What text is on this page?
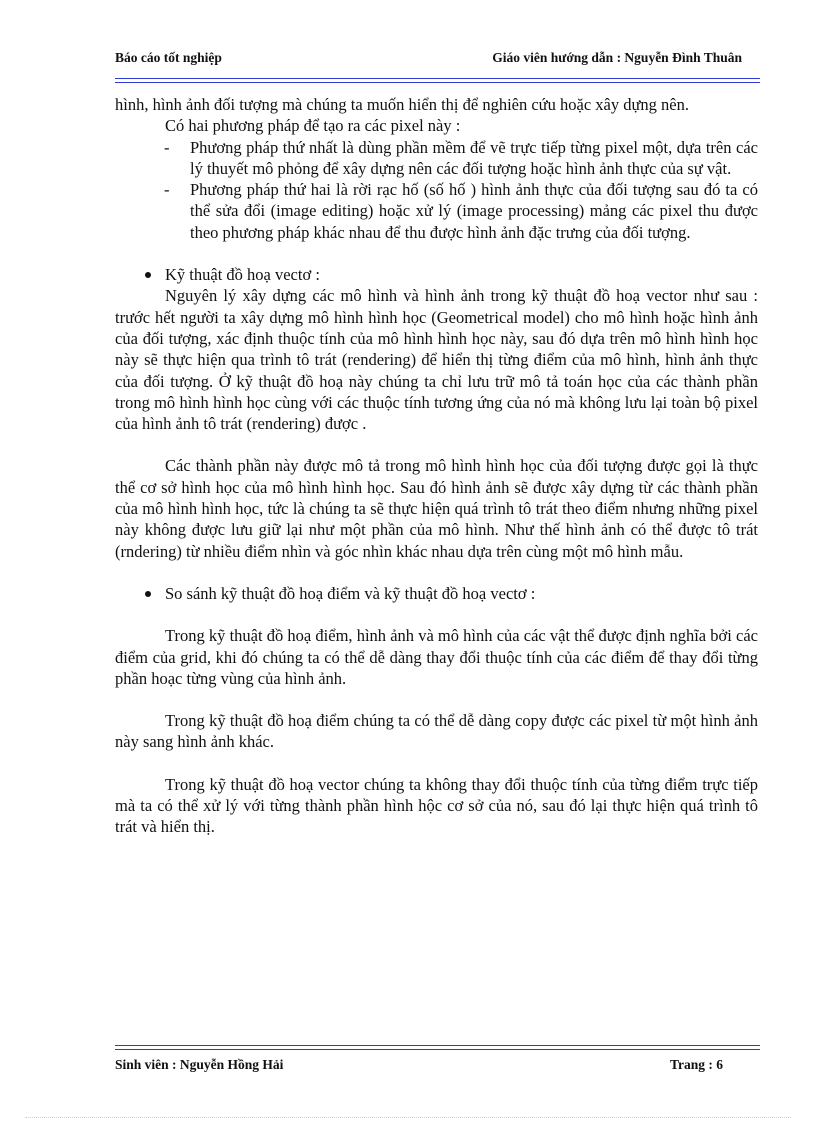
Báo cáo tốt nghiệp	Giáo viên hướng dẫn : Nguyễn Đình Thuân

hình, hình ảnh đối tượng mà chúng ta muốn hiển thị để nghiên cứu hoặc xây dựng nên.

Có hai phương pháp để tạo ra các pixel này :

- Phương pháp thứ nhất là dùng phần mềm để vẽ trực tiếp từng pixel một, dựa trên các lý thuyết mô phỏng để xây dựng nên các đối tượng hoặc hình ảnh thực của sự vật.
- Phương pháp thứ hai là rời rạc hố (số hố ) hình ảnh thực của đối tượng sau đó ta có thể sửa đổi (image editing) hoặc xử lý (image processing) mảng các pixel thu được theo phương pháp khác nhau để thu được hình ảnh đặc trưng của đối tượng.
Kỹ thuật đồ hoạ vectơ :

Nguyên lý xây dựng các mô hình và hình ảnh trong kỹ thuật đồ hoạ vector như sau : trước hết người ta xây dựng mô hình hình học (Geometrical model) cho mô hình hoặc hình ảnh của đối tượng, xác định thuộc tính của mô hình hình học này, sau đó dựa trên mô hình hình học này sẽ thực hiện qua trình tô trát (rendering) để hiển thị từng điểm của mô hình, hình ảnh thực của đối tượng. Ở kỹ thuật đồ hoạ này chúng ta chỉ lưu trữ mô tả toán học của các thành phần trong mô hình hình học cùng với các thuộc tính tương ứng của nó mà không lưu lại toàn bộ pixel của hình ảnh tô trát (rendering) được .

Các thành phần này được mô tả trong mô hình hình học của đối tượng được gọi là thực thể cơ sở hình học của mô hình hình học. Sau đó hình ảnh sẽ được xây dựng từ các thành phần của mô hình hình học, tức là chúng ta sẽ thực hiện quá trình tô trát theo điểm nhưng những pixel này không được lưu giữ lại như một phần của mô hình. Như thế hình ảnh có thể được tô trát (rndering) từ nhiều điểm nhìn và góc nhìn khác nhau dựa trên cùng một mô hình mẫu.

So sánh kỹ thuật đồ hoạ điểm và kỹ thuật đồ hoạ vectơ :

Trong kỹ thuật đồ hoạ điểm, hình ảnh và mô hình của các vật thể được định nghĩa bởi các điểm của grid, khi đó chúng ta có thể dễ dàng thay đổi thuộc tính của các điểm để thay đổi từng phần hoạc từng vùng của hình ảnh.

Trong kỹ thuật đồ hoạ điểm chúng ta có thể dễ dàng copy được các pixel từ một hình ảnh này sang hình ảnh khác.

Trong kỹ thuật đồ hoạ vector chúng ta không thay đổi thuộc tính của từng điểm trực tiếp mà ta có thể xử lý với từng thành phần hình hộc cơ sở của nó, sau đó lại thực hiện quá trình tô trát và hiển thị.

Sinh viên : Nguyễn Hồng Hải	Trang : 6
